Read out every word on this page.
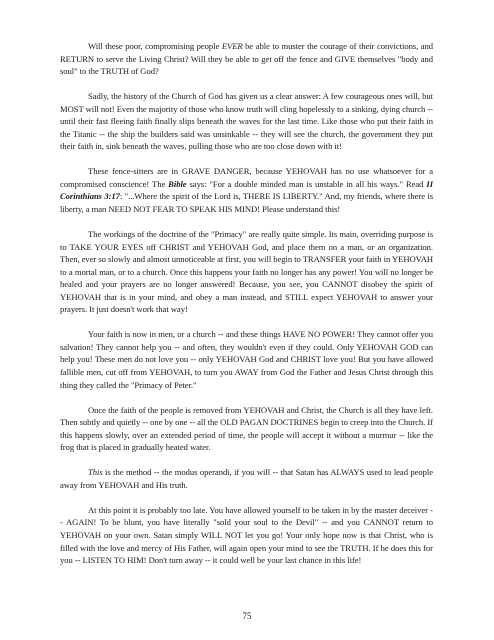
Will these poor, compromising people EVER be able to muster the courage of their convictions, and RETURN to serve the Living Christ? Will they be able to get off the fence and GIVE themselves "body and soul" to the TRUTH of God?

Sadly, the history of the Church of God has given us a clear answer: A few courageous ones will, but MOST will not! Even the majority of those who know truth will cling hopelessly to a sinking, dying church -- until their fast fleeing faith finally slips beneath the waves for the last time. Like those who put their faith in the Titanic -- the ship the builders said was unsinkable -- they will see the church, the government they put their faith in, sink beneath the waves, pulling those who are too close down with it!

These fence-sitters are in GRAVE DANGER, because YEHOVAH has no use whatsoever for a compromised conscience! The Bible says: "For a double minded man is unstable in all his ways." Read II Corinthians 3:17: "...Where the spirit of the Lord is, THERE IS LIBERTY." And, my friends, where there is liberty, a man NEED NOT FEAR TO SPEAK HIS MIND! Please understand this!

The workings of the doctrine of the "Primacy" are really quite simple. Its main, overriding purpose is to TAKE YOUR EYES off CHRIST and YEHOVAH God, and place them on a man, or an organization. Then, ever so slowly and almost unnoticeable at first, you will begin to TRANSFER your faith in YEHOVAH to a mortal man, or to a church. Once this happens your faith no longer has any power! You will no longer be healed and your prayers are no longer answered! Because, you see, you CANNOT disobey the spirit of YEHOVAH that is in your mind, and obey a man instead, and STILL expect YEHOVAH to answer your prayers. It just doesn't work that way!

Your faith is now in men, or a church -- and these things HAVE NO POWER! They cannot offer you salvation! They cannot help you -- and often, they wouldn't even if they could. Only YEHOVAH GOD can help you! These men do not love you -- only YEHOVAH God and CHRIST love you! But you have allowed fallible men, cut off from YEHOVAH, to turn you AWAY from God the Father and Jesus Christ through this thing they called the "Primacy of Peter."

Once the faith of the people is removed from YEHOVAH and Christ, the Church is all they have left. Then subtly and quietly -- one by one -- all the OLD PAGAN DOCTRINES begin to creep into the Church. If this happens slowly, over an extended period of time, the people will accept it without a murmur -- like the frog that is placed in gradually heated water.

This is the method -- the modus operandi, if you will -- that Satan has ALWAYS used to lead people away from YEHOVAH and His truth.

At this point it is probably too late. You have allowed yourself to be taken in by the master deceiver -- AGAIN! To be blunt, you have literally "sold your soul to the Devil" -- and you CANNOT return to YEHOVAH on your own. Satan simply WILL NOT let you go! Your only hope now is that Christ, who is filled with the love and mercy of His Father, will again open your mind to see the TRUTH. If he does this for you -- LISTEN TO HIM! Don't turn away -- it could well be your last chance in this life!

75
